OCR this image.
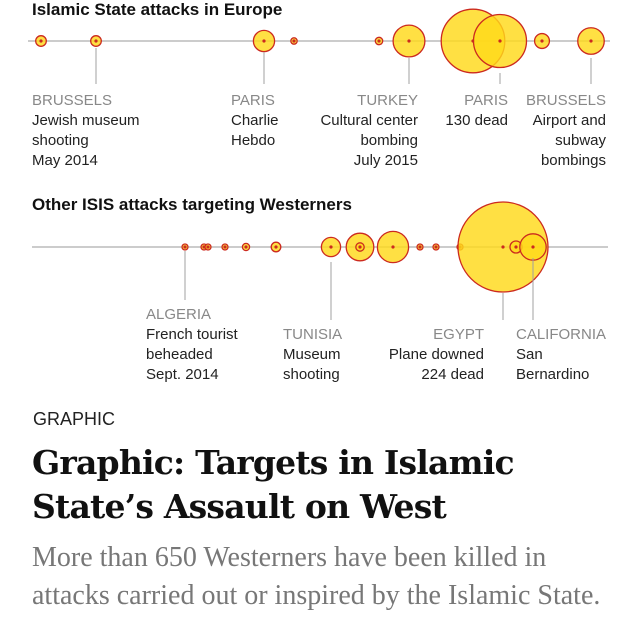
Islamic State attacks in Europe
BRUSSELS
Jewish museum
shooting
May 2014
PARIS
Charlie
Hebdo
TURKEY
Cultural center
bombing
July 2015
PARIS
130 dead
BRUSSELS
Airport and
subway
bombings
Other ISIS attacks targeting Westerners
ALGERIA
French tourist
beheaded
Sept. 2014
TUNISIA
Museum
shooting
EGYPT
Plane downed
224 dead
CALIFORNIA
San
Bernardino

GRAPHIC

Graphic: Targets in Islamic State’s Assault on West

More than 650 Westerners have been killed in attacks carried out or inspired by the Islamic State.
